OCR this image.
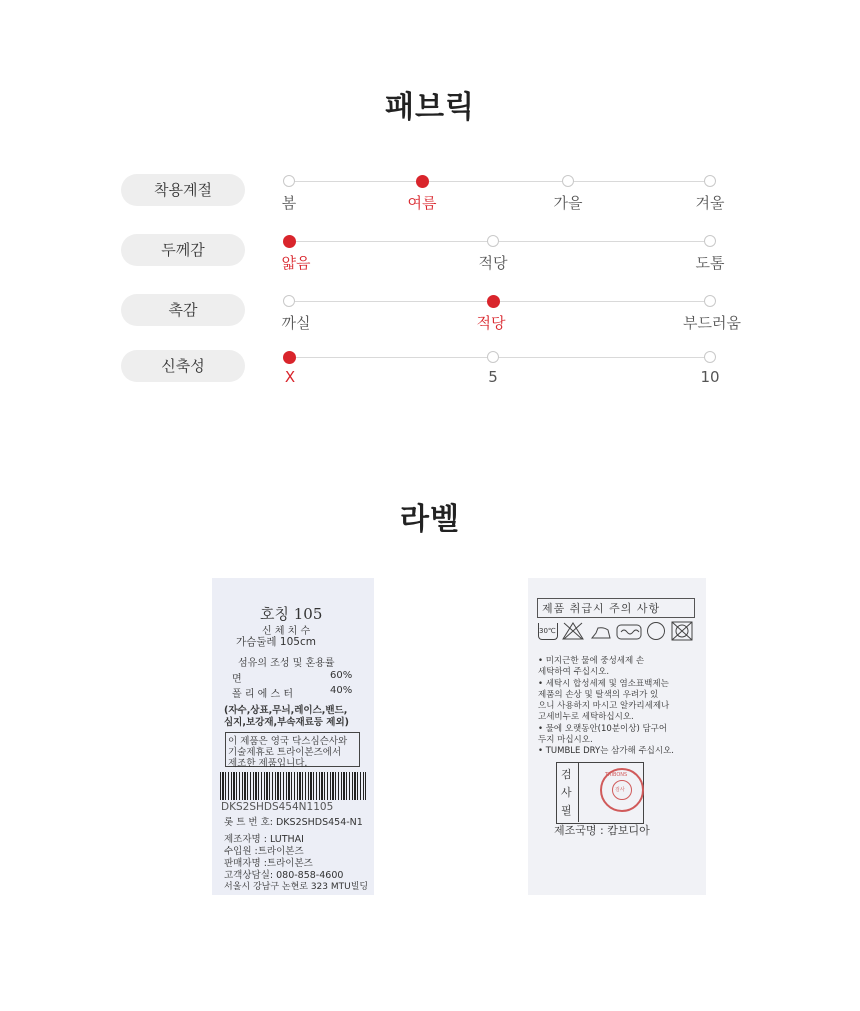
패브릭
착용계절
봄	여름	가을	겨울
두께감
얇음	적당	도톰
촉감
까실	적당	부드러움
신축성
X	5	10
라벨
호칭 105
신 체 치 수
가슴둘레 105cm
섬유의 조성 및 혼용률
면	60%
폴 리 에 스 터	40%
(자수,상표,무늬,레이스,밴드,
심지,보강재,부속재료등 제외)
이 제품은 영국 닥스심슨사와
기술제휴로 트라이본즈에서
제조한 제품입니다.
DKS2SHDS454N1105
롯 트 번 호: DKS2SHDS454-N1
제조자명 : LUTHAI
수입원 :트라이본즈
판매자명 :트라이본즈
고객상담실: 080-858-4600
서울시 강남구 논현로 323 MTU빌딩
제품 취급시 주의 사항
30℃
• 미지근한 물에 중성세제 손
세탁하여 주십시오.
• 세탁시 합성세제 및 염소표백제는
제품의 손상 및 탈색의 우려가 있
으니 사용하지 마시고 알카리세제나
고세비누로 세탁하십시오.
• 물에 오랫동안(10분이상) 담구어
두지 마십시오.
• TUMBLE DRY는 삼가해 주십시오.
검
사
필
TRIBONS
검사
제조국명 : 캄보디아
